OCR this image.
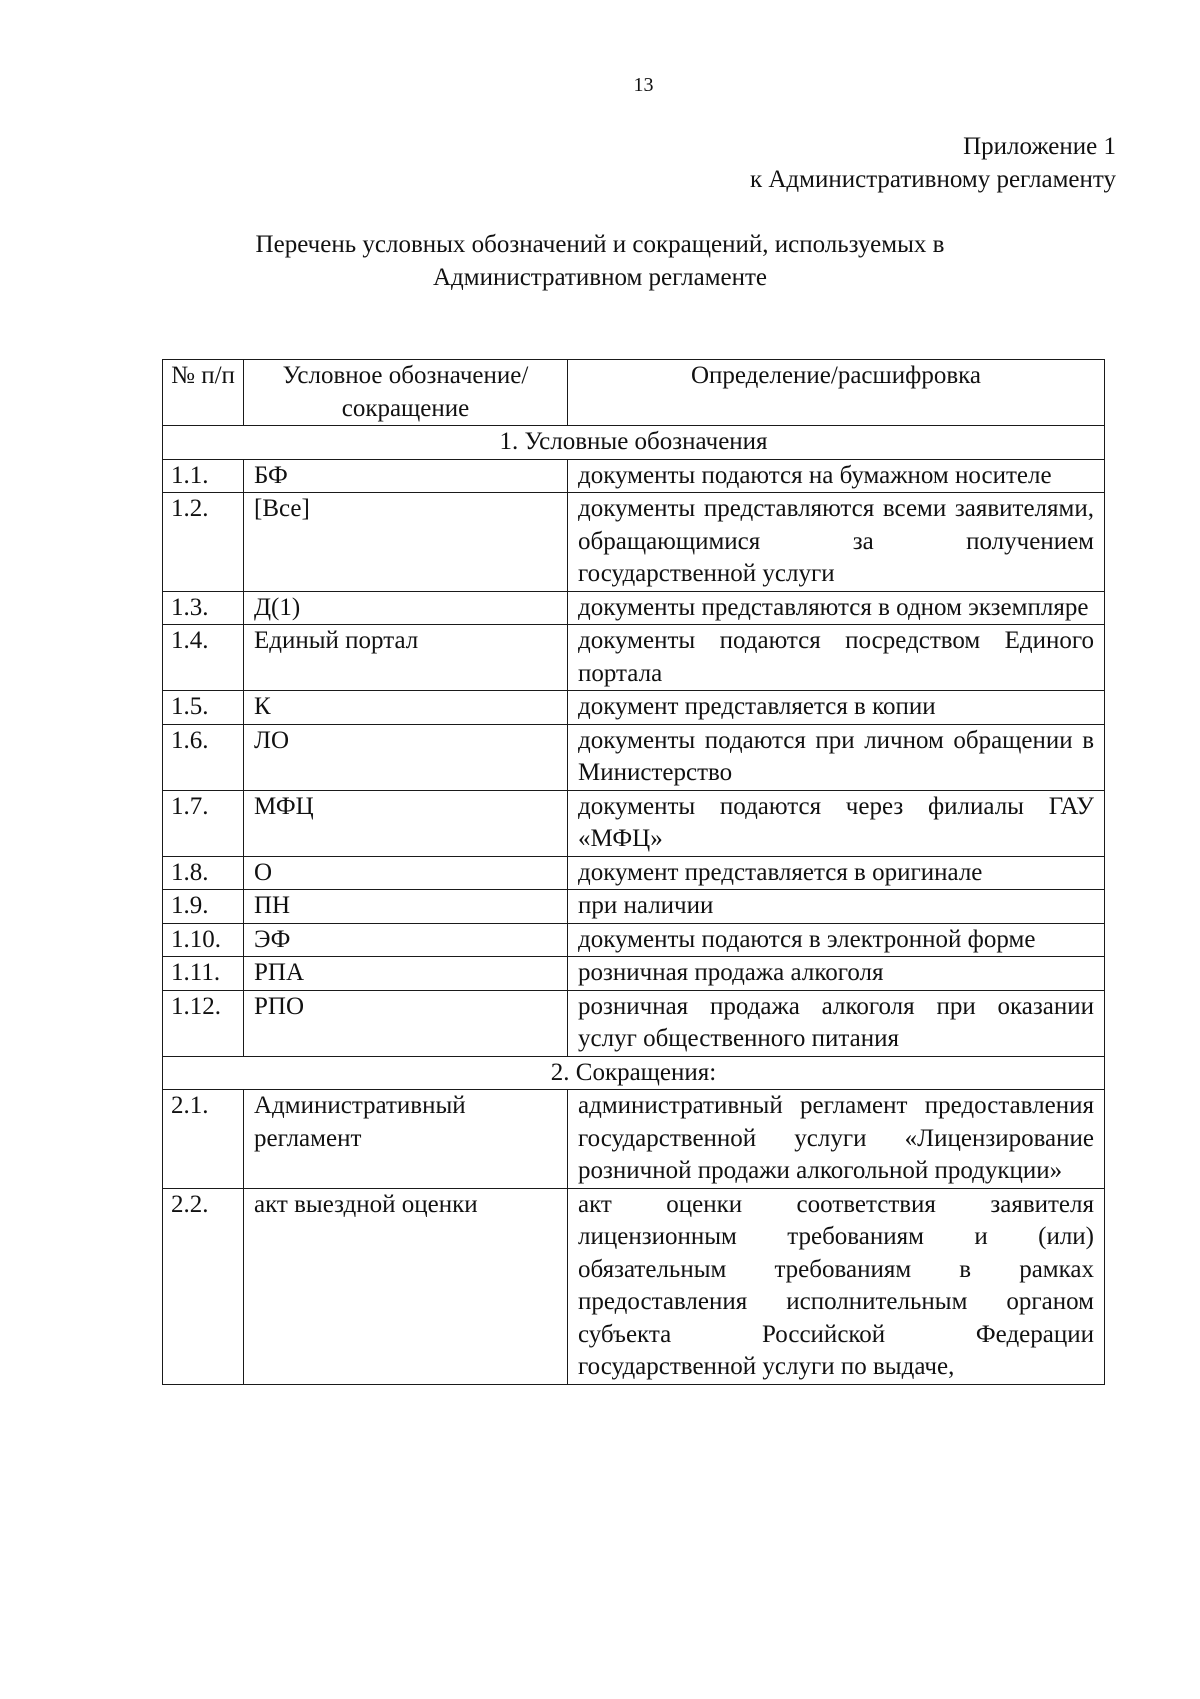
13
Приложение 1
к Административному регламенту
Перечень условных обозначений и сокращений, используемых в
Административном регламенте
№ п/п	Условное обозначение/сокращение	Определение/расшифровка
1. Условные обозначения		
1.1.	БФ	документы подаются на бумажном носителе
1.2.	[Все]	документы представляются всеми заявителями, обращающимися за получением государственной услуги
1.3.	Д(1)	документы представляются в одном экземпляре
1.4.	Единый портал	документы подаются посредством Единого портала
1.5.	К	документ представляется в копии
1.6.	ЛО	документы подаются при личном обращении в Министерство
1.7.	МФЦ	документы подаются через филиалы ГАУ «МФЦ»
1.8.	О	документ представляется в оригинале
1.9.	ПН	при наличии
1.10.	ЭФ	документы подаются в электронной форме
1.11.	РПА	розничная продажа алкоголя
1.12.	РПО	розничная продажа алкоголя при оказании услуг общественного питания
2. Сокращения:		
2.1.	Административный регламент	административный регламент предоставления государственной услуги «Лицензирование розничной продажи алкогольной продукции»
2.2.	акт выездной оценки	акт оценки соответствия заявителя лицензионным требованиям и (или) обязательным требованиям в рамках предоставления исполнительным органом субъекта Российской Федерации государственной услуги по выдаче,
